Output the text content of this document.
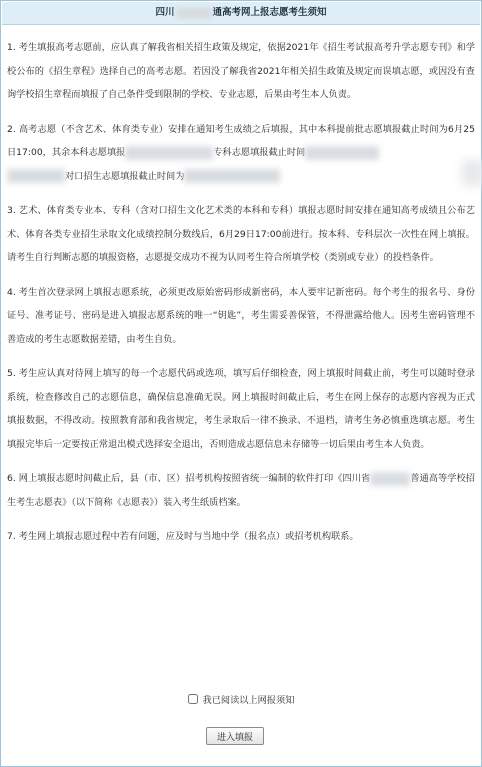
四川	通高考网上报志愿考生须知

1. 考生填报高考志愿前，应认真了解我省相关招生政策及规定，依据2021年《招生考试报高考升学志愿专刊》和学校公布的《招生章程》选择自己的高考志愿。若因没了解我省2021年相关招生政策及规定而误填志愿，或因没有查询学校招生章程而填报了自己条件受到限制的学校、专业志愿，后果由考生本人负责。

2. 高考志愿（不含艺术、体育类专业）安排在通知考生成绩之后填报，其中本科提前批志愿填报截止时间为6月25日17:00，其余本科志愿填报	专科志愿填报截止时间
对口招生志愿填报截止时间为

3. 艺术、体育类专业本、专科（含对口招生文化艺术类的本科和专科）填报志愿时间安排在通知高考成绩且公布艺术、体育各类专业招生录取文化成绩控制分数线后，6月29日17:00前进行。按本科、专科层次一次性在网上填报。请考生自行判断志愿的填报资格，志愿提交成功不视为认同考生符合所填学校（类别或专业）的投档条件。

4. 考生首次登录网上填报志愿系统，必须更改原始密码形成新密码，本人要牢记新密码。每个考生的报名号、身份证号、准考证号、密码是进入填报志愿系统的唯一“钥匙”，考生需妥善保管，不得泄露给他人。因考生密码管理不善造成的考生志愿数据差错，由考生自负。

5. 考生应认真对待网上填写的每一个志愿代码或选项，填写后仔细检查，网上填报时间截止前，考生可以随时登录系统，检查修改自己的志愿信息，确保信息准确无误。网上填报时间截止后，考生在网上保存的志愿内容视为正式填报数据，不得改动。按照教育部和我省规定，考生录取后一律不换录、不退档，请考生务必慎重选填志愿。考生填报完毕后一定要按正常退出模式选择安全退出，否则造成志愿信息未存储等一切后果由考生本人负责。

6. 网上填报志愿时间截止后，县（市、区）招考机构按照省统一编制的软件打印《四川省	普通高等学校招生考生志愿表》（以下简称《志愿表》）装入考生纸质档案。

7. 考生网上填报志愿过程中若有问题，应及时与当地中学（报名点）或招考机构联系。

我已阅读以上网报须知
进入填报
